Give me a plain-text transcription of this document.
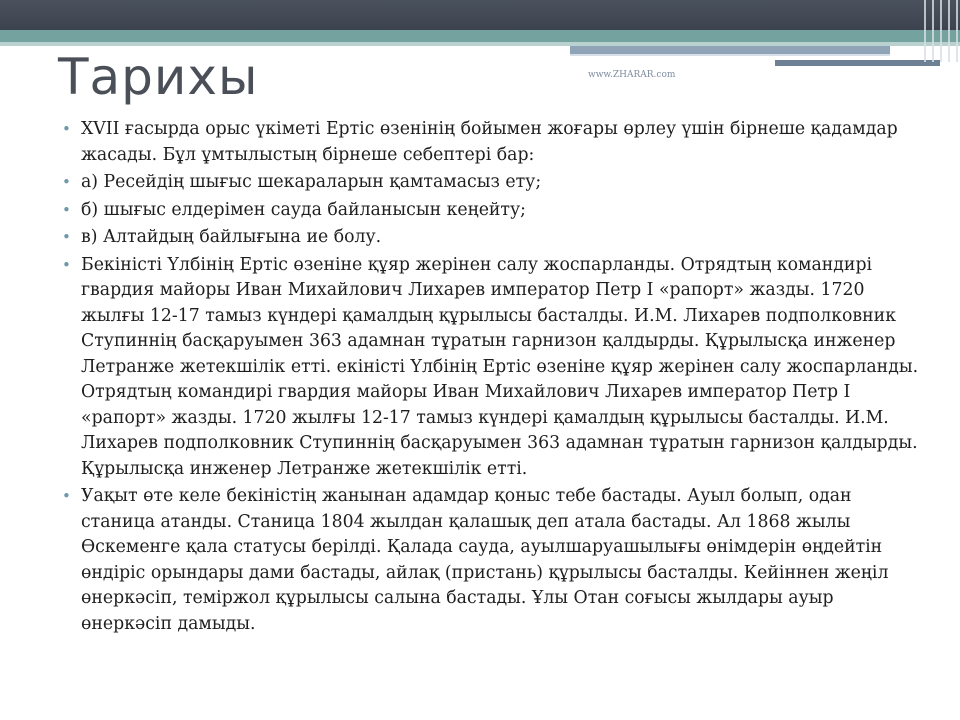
Тарихы	www.ZHARAR.com
• XVII ғасырда орыс үкіметі Ертіс өзенінің бойымен жоғары өрлеу үшін бірнеше қадамдар жасады. Бұл ұмтылыстың бірнеше себептері бар:
• а) Ресейдің шығыс шекараларын қамтамасыз ету;
• б) шығыс елдерімен сауда байланысын кеңейту;
• в) Алтайдың байлығына ие болу.
• Бекіністі Үлбінің Ертіс өзеніне құяр жерінен салу жоспарланды. Отрядтың командирі гвардия майоры Иван Михайлович Лихарев император Петр I «рапорт» жазды. 1720 жылғы 12-17 тамыз күндері қамалдың құрылысы басталды. И.М. Лихарев подполковник Ступиннің басқаруымен 363 адамнан тұратын гарнизон қалдырды. Құрылысқа инженер Летранже жетекшілік етті. екіністі Үлбінің Ертіс өзеніне құяр жерінен салу жоспарланды. Отрядтың командирі гвардия майоры Иван Михайлович Лихарев император Петр I «рапорт» жазды. 1720 жылғы 12-17 тамыз күндері қамалдың құрылысы басталды. И.М. Лихарев подполковник Ступиннің басқаруымен 363 адамнан тұратын гарнизон қалдырды. Құрылысқа инженер Летранже жетекшілік етті.
• Уақыт өте келе бекіністің жанынан адамдар қоныс тебе бастады. Ауыл болып, одан станица атанды. Станица 1804 жылдан қалашық деп атала бастады. Ал 1868 жылы Өскеменге қала статусы берілді. Қалада сауда, ауылшаруашылығы өнімдерін өңдейтін өндіріс орындары дами бастады, айлақ (пристань) құрылысы басталды. Кейіннен жеңіл өнеркәсіп, теміржол құрылысы салына бастады. Ұлы Отан соғысы жылдары ауыр өнеркәсіп дамыды.
